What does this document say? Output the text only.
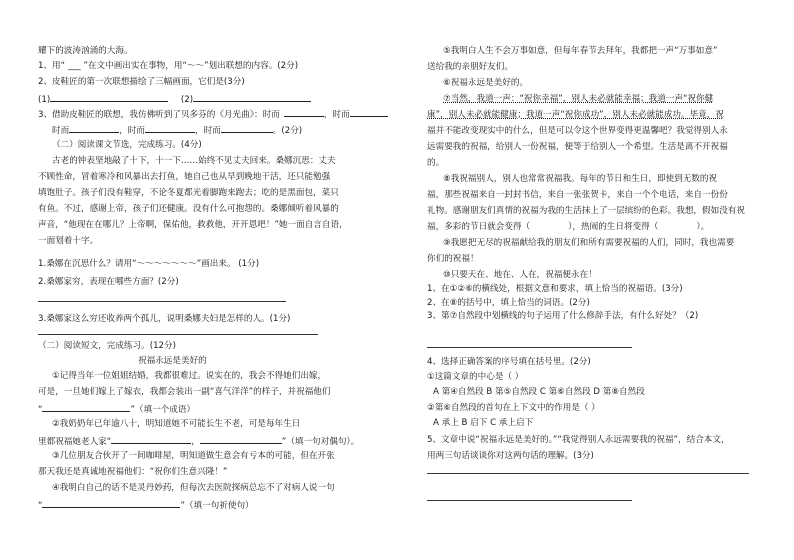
耀下的波涛汹涌的大海。
1、用“ ___ ”在文中画出实在事物，用“～～”划出联想的内容。(2分)
2、皮鞋匠的第一次联想描绘了三幅画面，它们是(3分)
(1)	(2)
3、借助皮鞋匠的联想，我仿佛听到了贝多芬的《月光曲》：时而	，时而
时而	，时而	，时而	。(2分)
（二）阅读课文节选，完成练习。(4分)
古老的钟表坚地敲了十下，十一下……始终不见丈夫回来。桑娜沉思：丈夫
不顾性命，冒着寒冷和风暴出去打鱼，她自己也从早到晚地干活，还只能勉强
填饱肚子。孩子们没有鞋穿，不论冬夏都光着脚跑来跑去；吃的是黑面包，菜只
有鱼。不过，感谢上帝，孩子们还健康。没有什么可抱怨的。桑娜倾听着风暴的
声音，“他现在在哪儿？上帝啊，保佑他，救救他，开开恩吧！”她一面自言自语，
一面划着十字。
1.桑娜在沉思什么？请用“～～～～～～～”画出来。 (1分)
2.桑娜家穷，表现在哪些方面？(2分)
3.桑娜家这么穷还收养两个孤儿，说明桑娜夫妇是怎样的人。(1分)
（二）阅读短文，完成练习。(12分)
祝福永远是美好的
①记得当年一位姐姐结婚，我都很难过。说实在的，我会不得她们出嫁，
可是，一旦她们嫁上了嫁衣，我都会装出一副“喜气洋洋”的样子，并祝福他们
“	”（填一个成语）
②我奶奶年已年逾八十，明知道她不可能长生不老，可是每年生日
里都祝福她老人家“	，	”（填一句对偶句）。
③几位朋友合伙开了一间咖啡屋，明知道做生意会有亏本的可能，但在开张
那天我还是真诚地祝福他们：“祝你们生意兴隆！”
④我明白自己的话不是灵丹妙药，但每次去医院探病总忘不了对病人说一句
“	”（填一句祈使句）
⑤我明白人生不会万事如意，但每年春节去拜年，我都把一声“万事如意”
送给我的亲朋好友们。
⑥祝福永远是美好的。
⑦当然，我道一声：“祝你幸福”，别人未必就能幸福；我道一声“祝你健
康”，别人未必就能健康；我道一声“祝你成功”，别人未必就能成功。毕竟，祝
福并不能改变现实中的什么，但是可以令这个世界变得更温馨吧？我觉得别人永
远需要我的祝福，给别人一份祝福，便等于给别人一个希望。生活是离不开祝福
的。
⑧我祝福别人，别人也常常祝福我。每年的节日和生日，即使到无数的祝
福，那些祝福来自一封封书信，来自一张张贺卡，来自一个个电话，来自一份份
礼物。感谢朋友们真情的祝福为我的生活抹上了一层缤纷的色彩。我想，假如没有祝
福，多彩的节日就会变得（	），热闹的生日将变得（	）。
⑨我愿把无尽的祝福献给我的朋友们和所有需要祝福的人们，同时，我也需要
你们的祝福！
⑩只要天在、地在、人在，祝福便永在！
1、在①②⑥的横线处，根据文意和要求，填上恰当的祝福语。(3分)
2、在⑧的括号中，填上恰当的词语。(2分)
3、第⑦自然段中划横线的句子运用了什么修辞手法，有什么好处？（2)
4、选择正确答案的序号填在括号里。(2分)
①这篇文章的中心是（ ）
A 第④自然段 B 第⑤自然段 C 第⑥自然段 D 第⑧自然段
②第⑥自然段的首句在上下文中的作用是（ ）
A 承上 B 启下 C 承上启下
5、文章中说“祝福永远是美好的。”“我觉得别人永远需要我的祝福”，结合本文，
用两三句话谈谈你对这两句话的理解。(3分)
